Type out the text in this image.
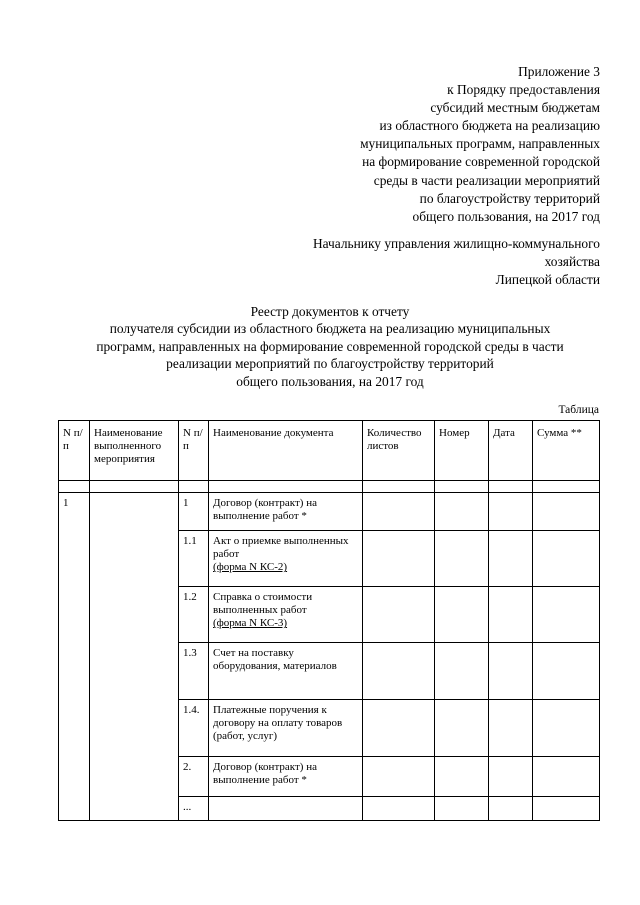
Приложение 3
к Порядку предоставления
субсидий местным бюджетам
из областного бюджета на реализацию
муниципальных программ, направленных
на формирование современной городской
среды в части реализации мероприятий
по благоустройству территорий
общего пользования, на 2017 год
Начальнику управления жилищно-коммунального
хозяйства
Липецкой области
Реестр документов к отчету
получателя субсидии из областного бюджета на реализацию муниципальных
программ, направленных на формирование современной городской среды в части
реализации мероприятий по благоустройству территорий
общего пользования, на 2017 год
Таблица
N п/п	Наименование выполненного мероприятия	N п/п	Наименование документа	Количество листов	Номер	Дата	Сумма **

1		1	Договор (контракт) на выполнение работ *				
		1.1	Акт о приемке выполненных работ
(форма N КС-2)				
		1.2	Справка о стоимости выполненных работ
(форма N КС-3)				
		1.3	Счет на поставку оборудования, материалов				
		1.4.	Платежные поручения к договору на оплату товаров (работ, услуг)				
		2.	Договор (контракт) на выполнение работ *				
		...					
